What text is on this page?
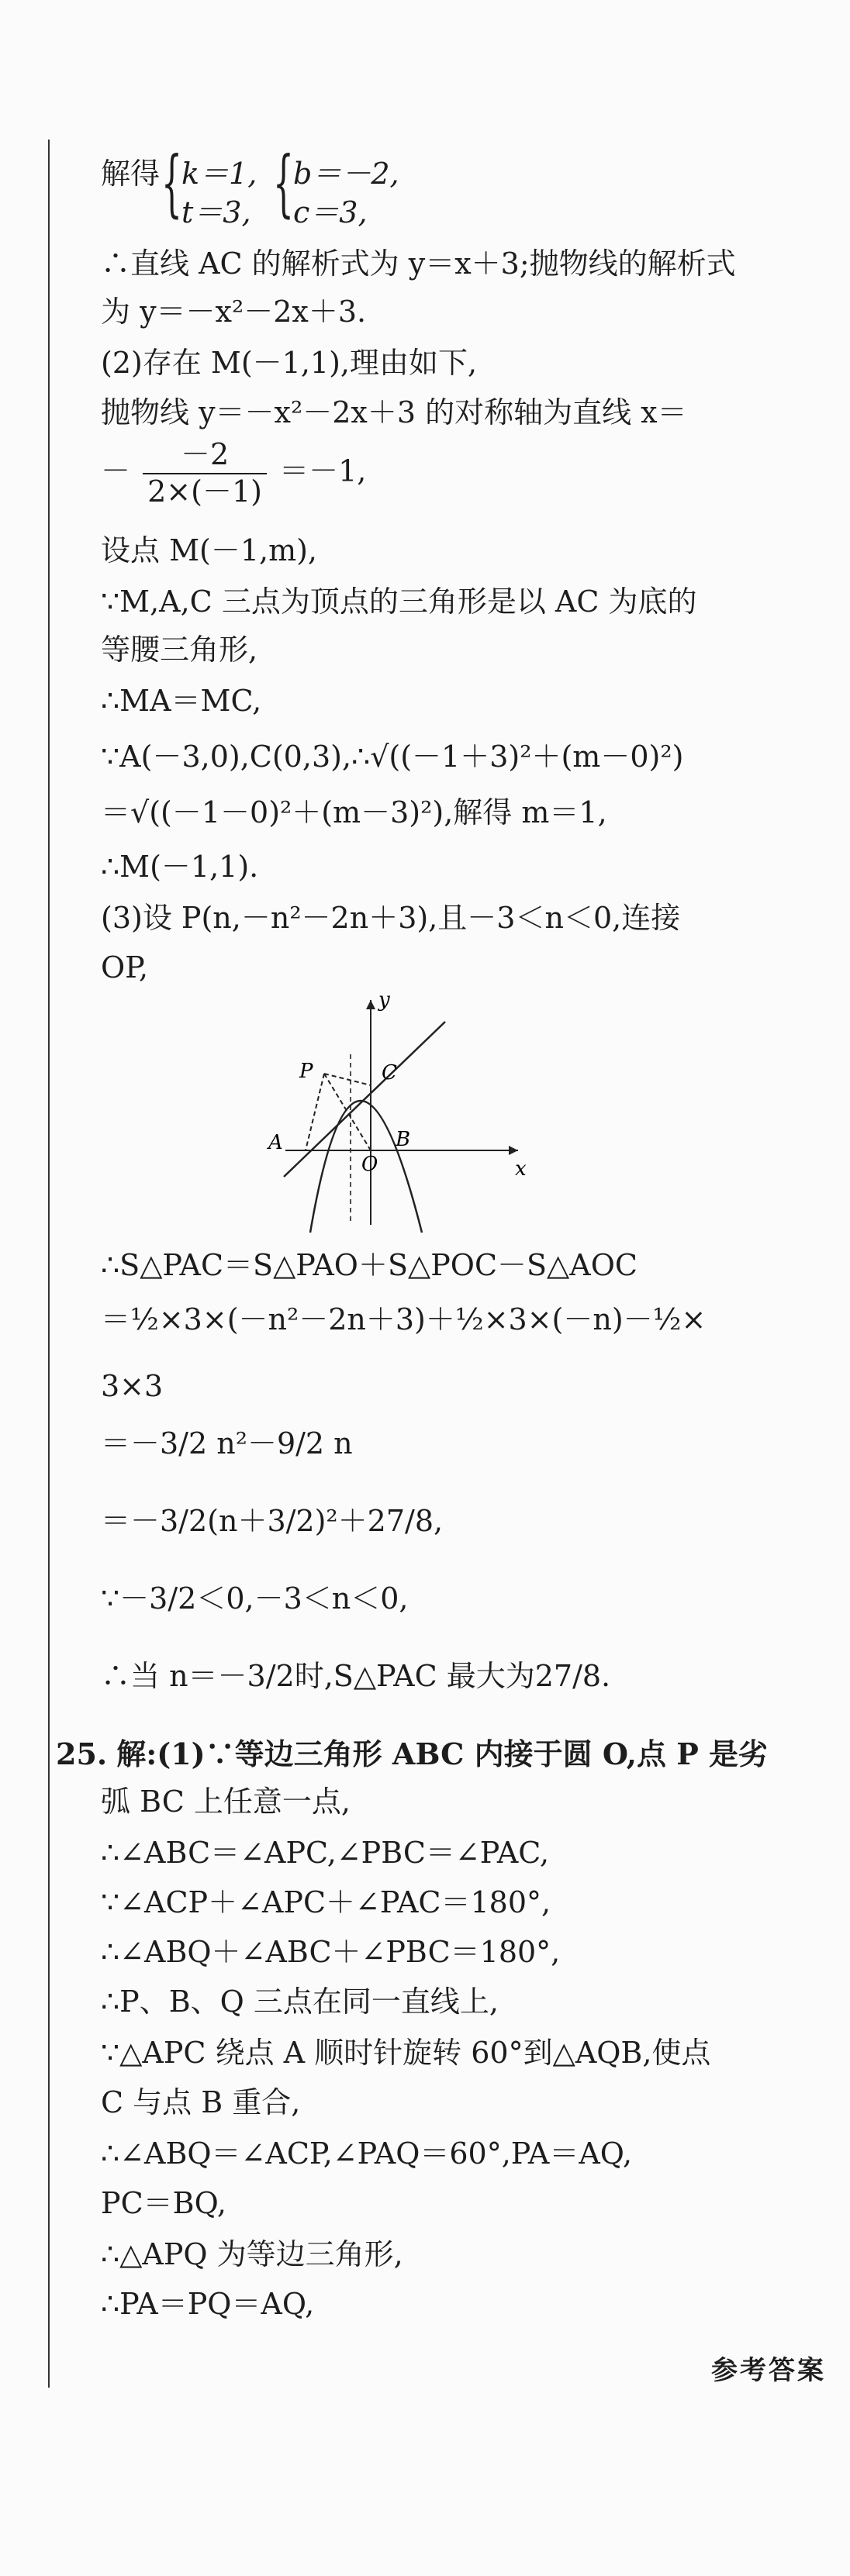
解得 { k＝1, { b＝－2,
t＝3, c＝3,
∴直线 AC 的解析式为 y＝x＋3;抛物线的解析式
为 y＝－x²－2x＋3.
(2)存在 M(－1,1),理由如下,
抛物线 y＝－x²－2x＋3 的对称轴为直线 x＝
－ $\frac{-2}{2\times(-1)} =-1$,
设点 M(－1,m),
∵M,A,C 三点为顶点的三角形是以 AC 为底的
等腰三角形,
∴MA＝MC,
∵A(－3,0),C(0,3),∴√((－1＋3)²＋(m－0)²)
＝√((－1－0)²＋(m－3)²),解得 m＝1,
∴M(－1,1).
(3)设 P(n,－n²－2n＋3),且－3＜n＜0,连接
OP,
∴S△PAC＝S△PAO＋S△POC－S△AOC
＝½×3×(－n²－2n＋3)＋½×3×(－n)－½×
3×3
＝－3/2 n²－9/2 n
＝－3/2(n＋3/2)²＋27/8,
∵－3/2＜0,－3＜n＜0,
∴当 n＝－3/2时,S△PAC 最大为27/8.
25. 解:(1)∵等边三角形 ABC 内接于圆 O,点 P 是劣
弧 BC 上任意一点,
∴∠ABC＝∠APC,∠PBC＝∠PAC,
∵∠ACP＋∠APC＋∠PAC＝180°,
∴∠ABQ＋∠ABC＋∠PBC＝180°,
∴P、B、Q 三点在同一直线上,
∵△APC 绕点 A 顺时针旋转 60°到△AQB,使点
C 与点 B 重合,
∴∠ABQ＝∠ACP,∠PAQ＝60°,PA＝AQ,
PC＝BQ,
∴△APQ 为等边三角形,
∴PA＝PQ＝AQ,
y
x
P	C
A	B
O
参考答案
